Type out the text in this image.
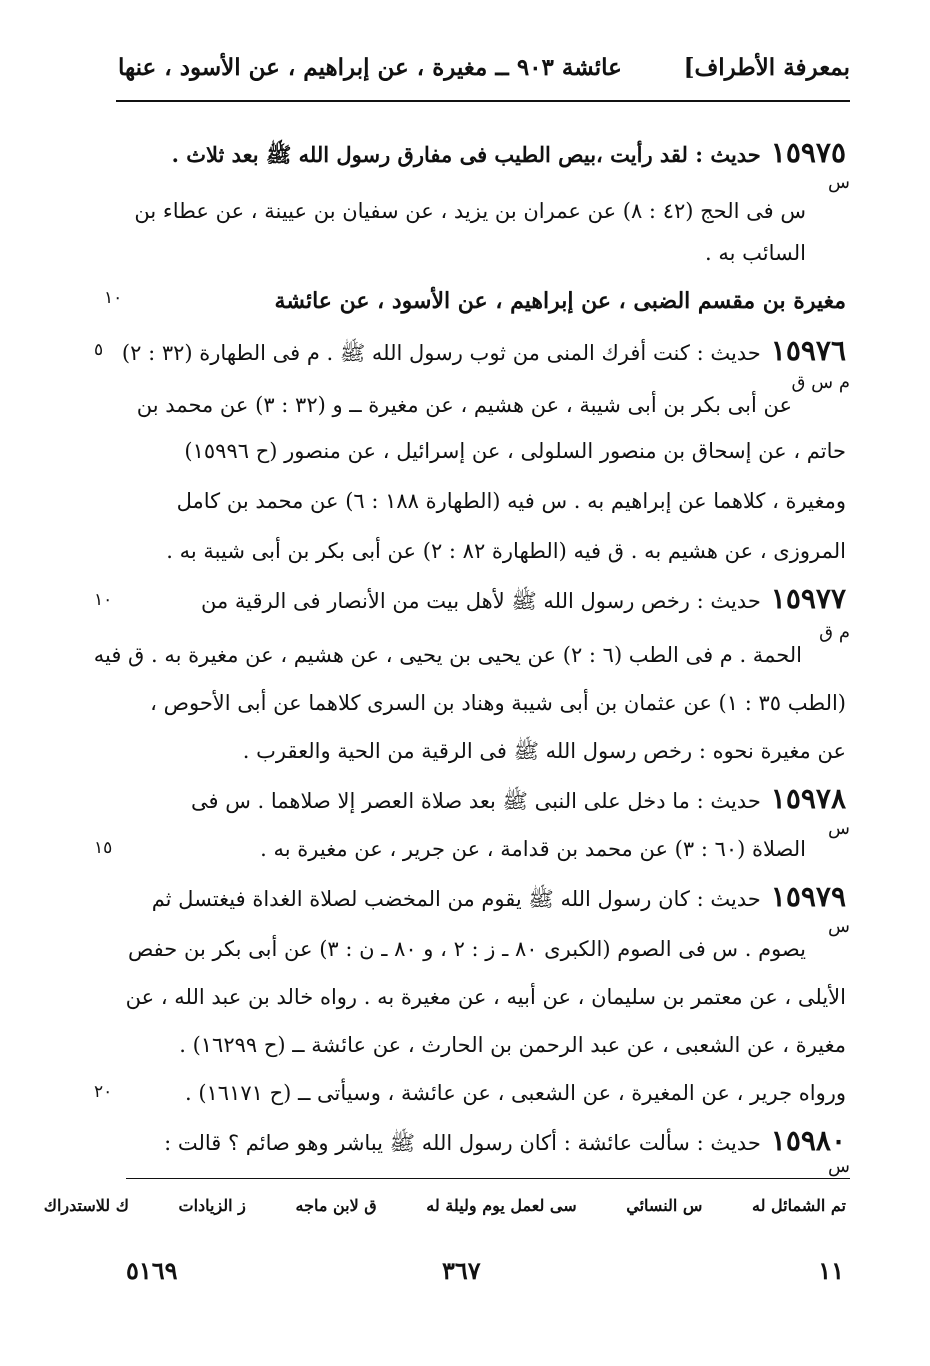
بمعرفة الأطراف]
عائشة ٩٠٣ ــ مغيرة ، عن إبراهيم ، عن الأسود ، عنها
١٥٩٧٥حديث : لقد رأيت ،بيص الطيب فى مفارق رسول الله ﷺ بعد ثلاث .
س
س فى الحج (٤٢ : ٨) عن عمران بن يزيد ، عن سفيان بن عيينة ، عن عطاء بن
السائب به .
مغيرة بن مقسم الضبى ، عن إبراهيم ، عن الأسود ، عن عائشة
١٠
١٥٩٧٦حديث : كنت أفرك المنى من ثوب رسول الله ﷺ . م فى الطهارة (٣٢ : ٢)
٥
م س ق
عن أبى بكر بن أبى شيبة ، عن هشيم ، عن مغيرة ــ و (٣٢ : ٣) عن محمد بن
حاتم ، عن إسحاق بن منصور السلولى ، عن إسرائيل ، عن منصور (ح ١٥٩٩٦)
ومغيرة ، كلاهما عن إبراهيم به . س فيه (الطهارة ١٨٨ : ٦) عن محمد بن كامل
المروزى ، عن هشيم به . ق فيه (الطهارة ٨٢ : ٢) عن أبى بكر بن أبى شيبة به .
١٥٩٧٧حديث : رخص رسول الله ﷺ لأهل بيت من الأنصار فى الرقية من
١٠
م ق
الحمة . م فى الطب (٦ : ٢) عن يحيى بن يحيى ، عن هشيم ، عن مغيرة به . ق فيه
(الطب ٣٥ : ١) عن عثمان بن أبى شيبة وهناد بن السرى كلاهما عن أبى الأحوص ،
عن مغيرة نحوه : رخص رسول الله ﷺ فى الرقية من الحية والعقرب .
١٥٩٧٨حديث : ما دخل على النبى ﷺ بعد صلاة العصر إلا صلاهما . س فى
س
الصلاة (٦٠ : ٣) عن محمد بن قدامة ، عن جرير ، عن مغيرة به .
١٥
١٥٩٧٩حديث : كان رسول الله ﷺ يقوم من المخضب لصلاة الغداة فيغتسل ثم
س
يصوم . س فى الصوم (الكبرى ٨٠ ـ ز : ٢ ، و ٨٠ ـ ن : ٣) عن أبى بكر بن حفص
الأيلى ، عن معتمر بن سليمان ، عن أبيه ، عن مغيرة به . رواه خالد بن عبد الله ، عن
مغيرة ، عن الشعبى ، عن عبد الرحمن بن الحارث ، عن عائشة ــ (ح ١٦٢٩٩) .
ورواه جرير ، عن المغيرة ، عن الشعبى ، عن عائشة ، وسيأتى ــ (ح ١٦١٧١) .
٢٠
١٥٩٨٠حديث : سألت عائشة : أكان رسول الله ﷺ يباشر وهو صائم ؟ قالت :
س
تم الشمائل له س النسائي سى لعمل يوم وليلة له ق لابن ماجه ز الزيادات ك للاستدراك
١١
٣٦٧
٥١٦٩
